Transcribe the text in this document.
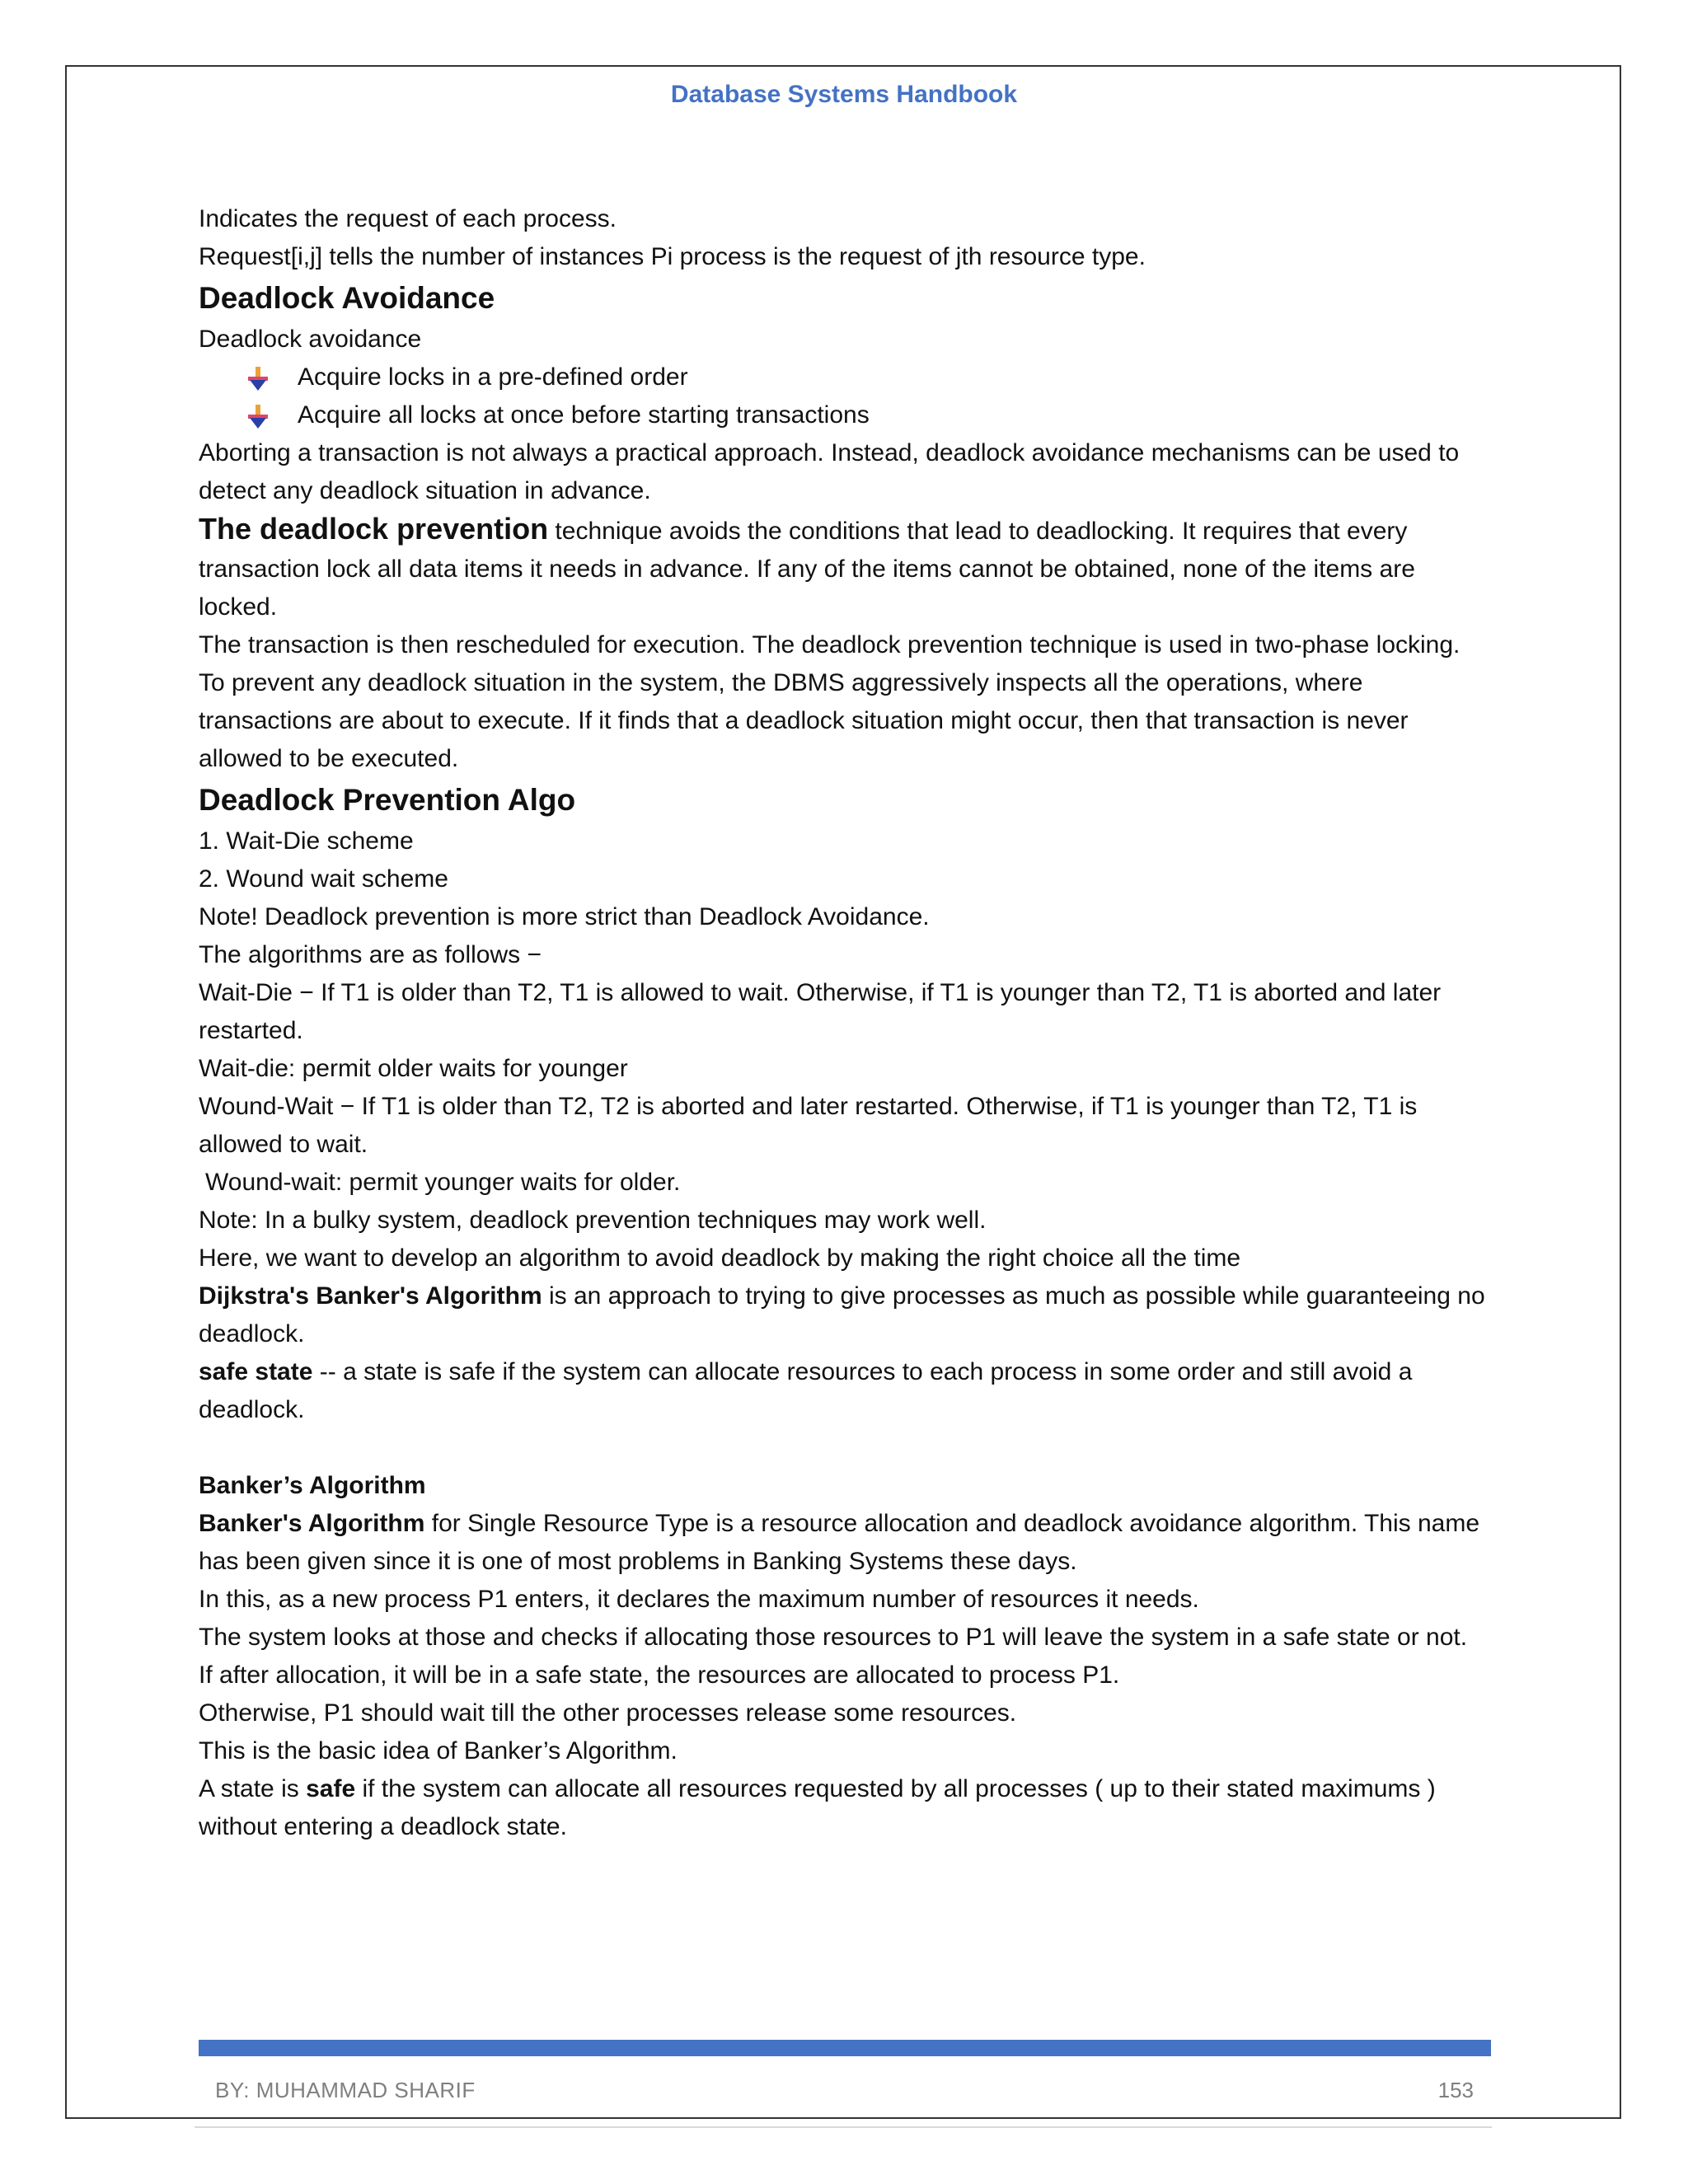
Database Systems Handbook

Indicates the request of each process.

Request[i,j] tells the number of instances Pi process is the request of jth resource type.

Deadlock Avoidance

Deadlock avoidance

Acquire locks in a pre-defined order

Acquire all locks at once before starting transactions

Aborting a transaction is not always a practical approach. Instead, deadlock avoidance mechanisms can be used to detect any deadlock situation in advance.

The deadlock prevention technique avoids the conditions that lead to deadlocking. It requires that every transaction lock all data items it needs in advance. If any of the items cannot be obtained, none of the items are locked.

The transaction is then rescheduled for execution. The deadlock prevention technique is used in two-phase locking.

To prevent any deadlock situation in the system, the DBMS aggressively inspects all the operations, where transactions are about to execute. If it finds that a deadlock situation might occur, then that transaction is never allowed to be executed.

Deadlock Prevention Algo

1. Wait-Die scheme

2. Wound wait scheme

Note! Deadlock prevention is more strict than Deadlock Avoidance.

The algorithms are as follows −

Wait-Die − If T1 is older than T2, T1 is allowed to wait. Otherwise, if T1 is younger than T2, T1 is aborted and later restarted.

Wait-die: permit older waits for younger

Wound-Wait − If T1 is older than T2, T2 is aborted and later restarted. Otherwise, if T1 is younger than T2, T1 is allowed to wait.

Wound-wait: permit younger waits for older.

Note: In a bulky system, deadlock prevention techniques may work well.

Here, we want to develop an algorithm to avoid deadlock by making the right choice all the time

Dijkstra's Banker's Algorithm is an approach to trying to give processes as much as possible while guaranteeing no deadlock.

safe state -- a state is safe if the system can allocate resources to each process in some order and still avoid a deadlock.

Banker’s Algorithm

Banker's Algorithm for Single Resource Type is a resource allocation and deadlock avoidance algorithm. This name has been given since it is one of most problems in Banking Systems these days.

In this, as a new process P1 enters, it declares the maximum number of resources it needs.

The system looks at those and checks if allocating those resources to P1 will leave the system in a safe state or not.

If after allocation, it will be in a safe state, the resources are allocated to process P1.

Otherwise, P1 should wait till the other processes release some resources.

This is the basic idea of Banker’s Algorithm.

A state is safe if the system can allocate all resources requested by all processes ( up to their stated maximums ) without entering a deadlock state.

BY: MUHAMMAD SHARIF	153
